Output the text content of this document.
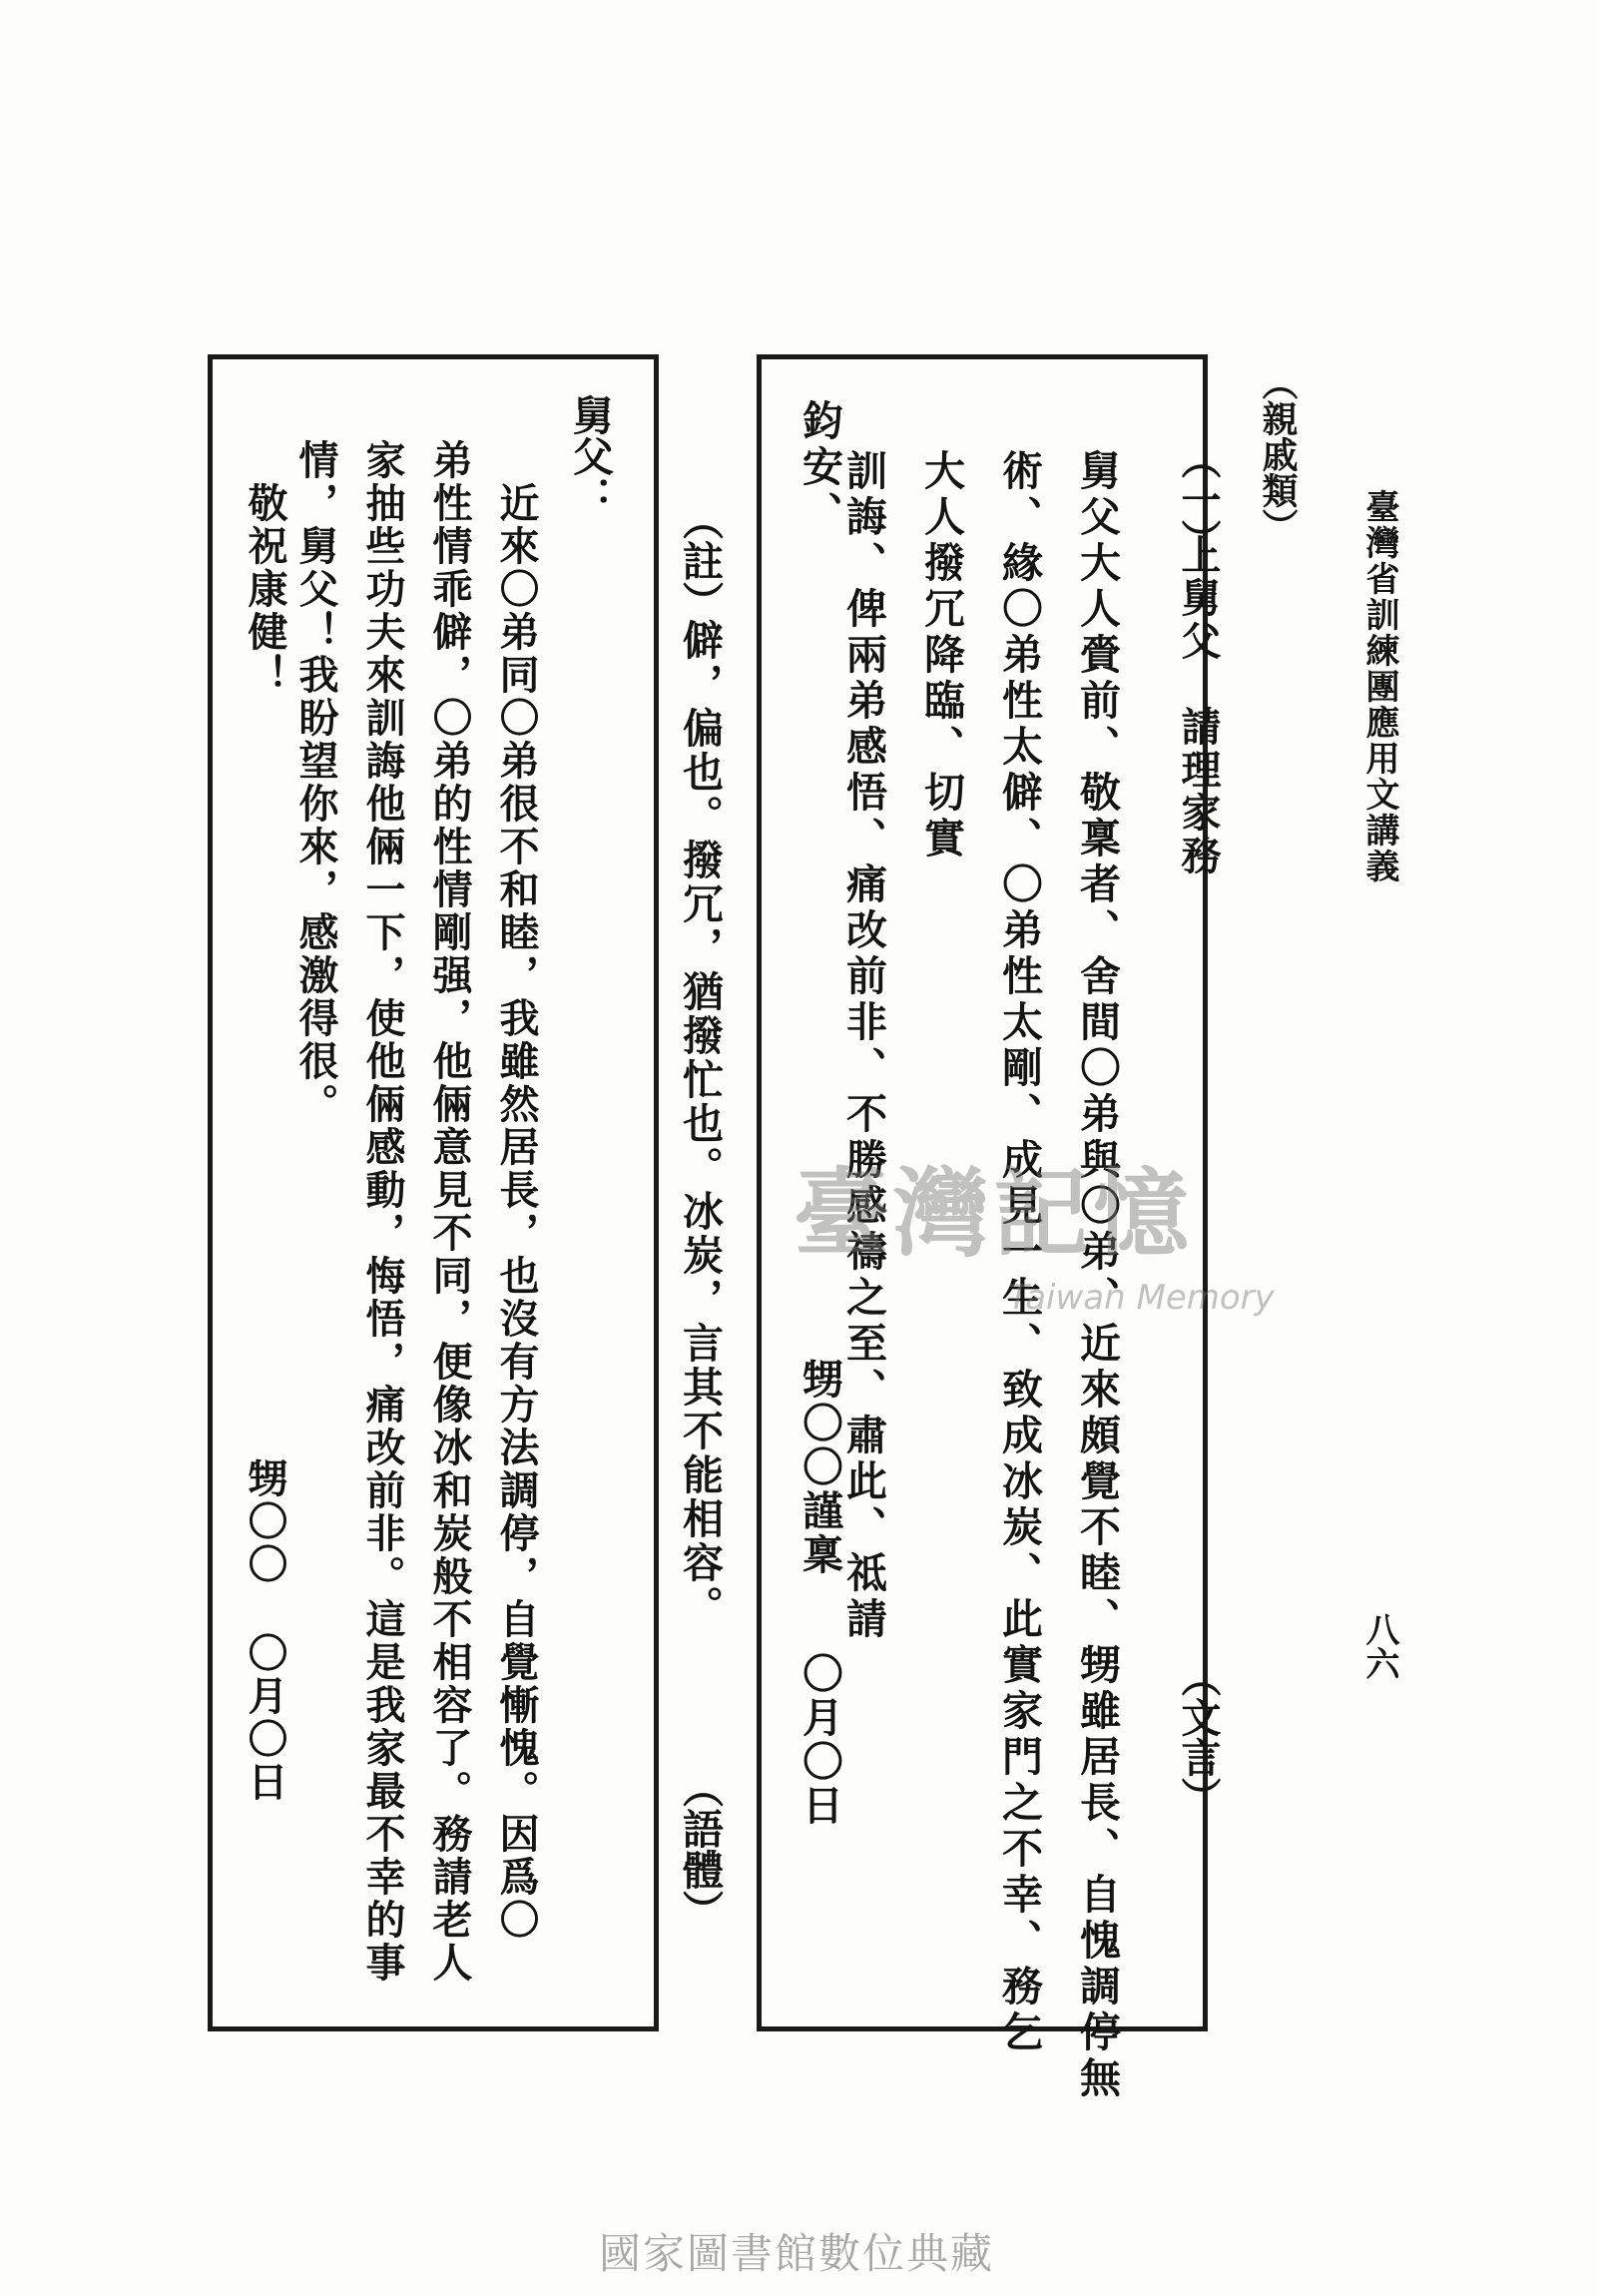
臺灣省訓練團應用文講義
八六
（親戚類）
（一）
上舅父　請理家務
（文言）
舅父大人賫前、敬稟者、舍間〇弟與〇弟、近來頗覺不睦、甥雖居長、自愧調停無
術、緣〇弟性太僻、〇弟性太剛、成見一生、致成冰炭、此實家門之不幸、務乞
大人撥冗降臨、切實
訓誨、俾兩弟感悟、痛改前非、不勝感禱之至、肅此、祗請
鈞安、
甥〇〇謹稟
〇月〇日
（註）
僻，偏也。撥冗，猶撥忙也。冰炭，言其不能相容。
（語體）
舅父：
　近來〇弟同〇弟很不和睦，我雖然居長，也沒有方法調停，自覺慚愧。因爲〇
弟性情乖僻，〇弟的性情剛强，他倆意見不同，便像冰和炭般不相容了。務請老人
家抽些功夫來訓誨他倆一下，使他倆感動，悔悟，痛改前非。這是我家最不幸的事
情，舅父！我盼望你來，感激得很。
　敬祝康健！
甥〇〇
〇月〇日
臺灣記憶
Taiwan Memory
國家圖書館數位典藏
